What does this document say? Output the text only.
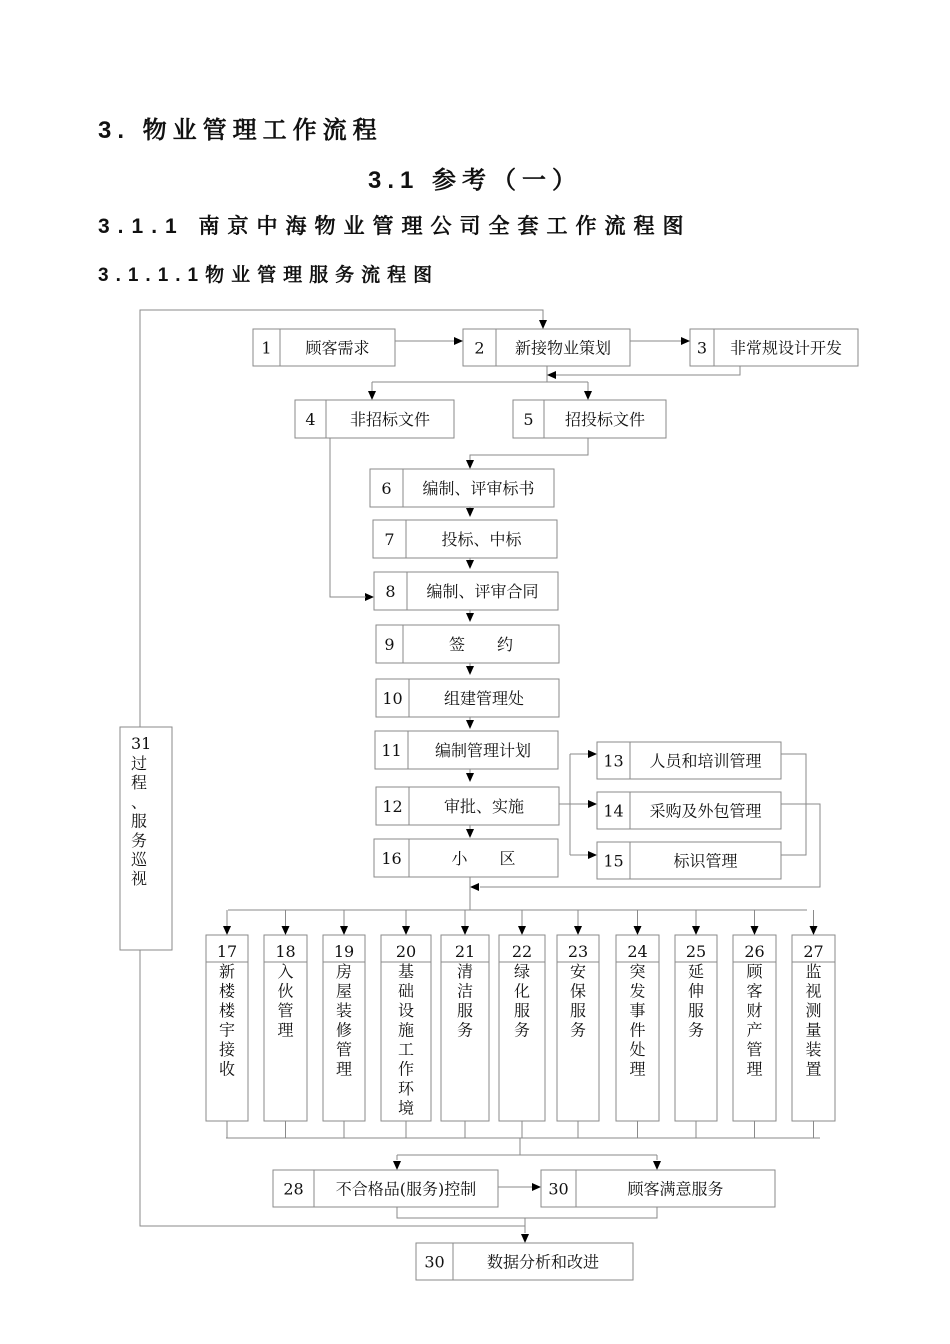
3. 物业管理工作流程
3.1 参考（一）
3.1.1 南京中海物业管理公司全套工作流程图
3.1.1.1物业管理服务流程图
1 顾客需求	2 新接物业策划	3 非常规设计开发
4 非招标文件	5 招投标文件
6 编制、评审标书
7	投标、中标
8 编制、评审合同
9	签　　约
10	组建管理处
11 编制管理计划
12	审批、实施
16	小　　区
13 人员和培训管理
14 采购及外包管理
15	标识管理
17
新
楼
楼
宇
接
收
18
入
伙
管
理
19
房
屋
装
修
管
理
20
基
础
设
施
工
作
环
境
21
清
洁
服
务
22
绿
化
服
务
23
安
保
服
务
24
突
发
事
件
处
理
25
延
伸
服
务
26
顾
客
财
产
管
理
27
监
视
测
量
装
置
28 不合格品(服务)控制	30	顾客满意服务
30	数据分析和改进
31
过
程
、
服
务
巡
视
